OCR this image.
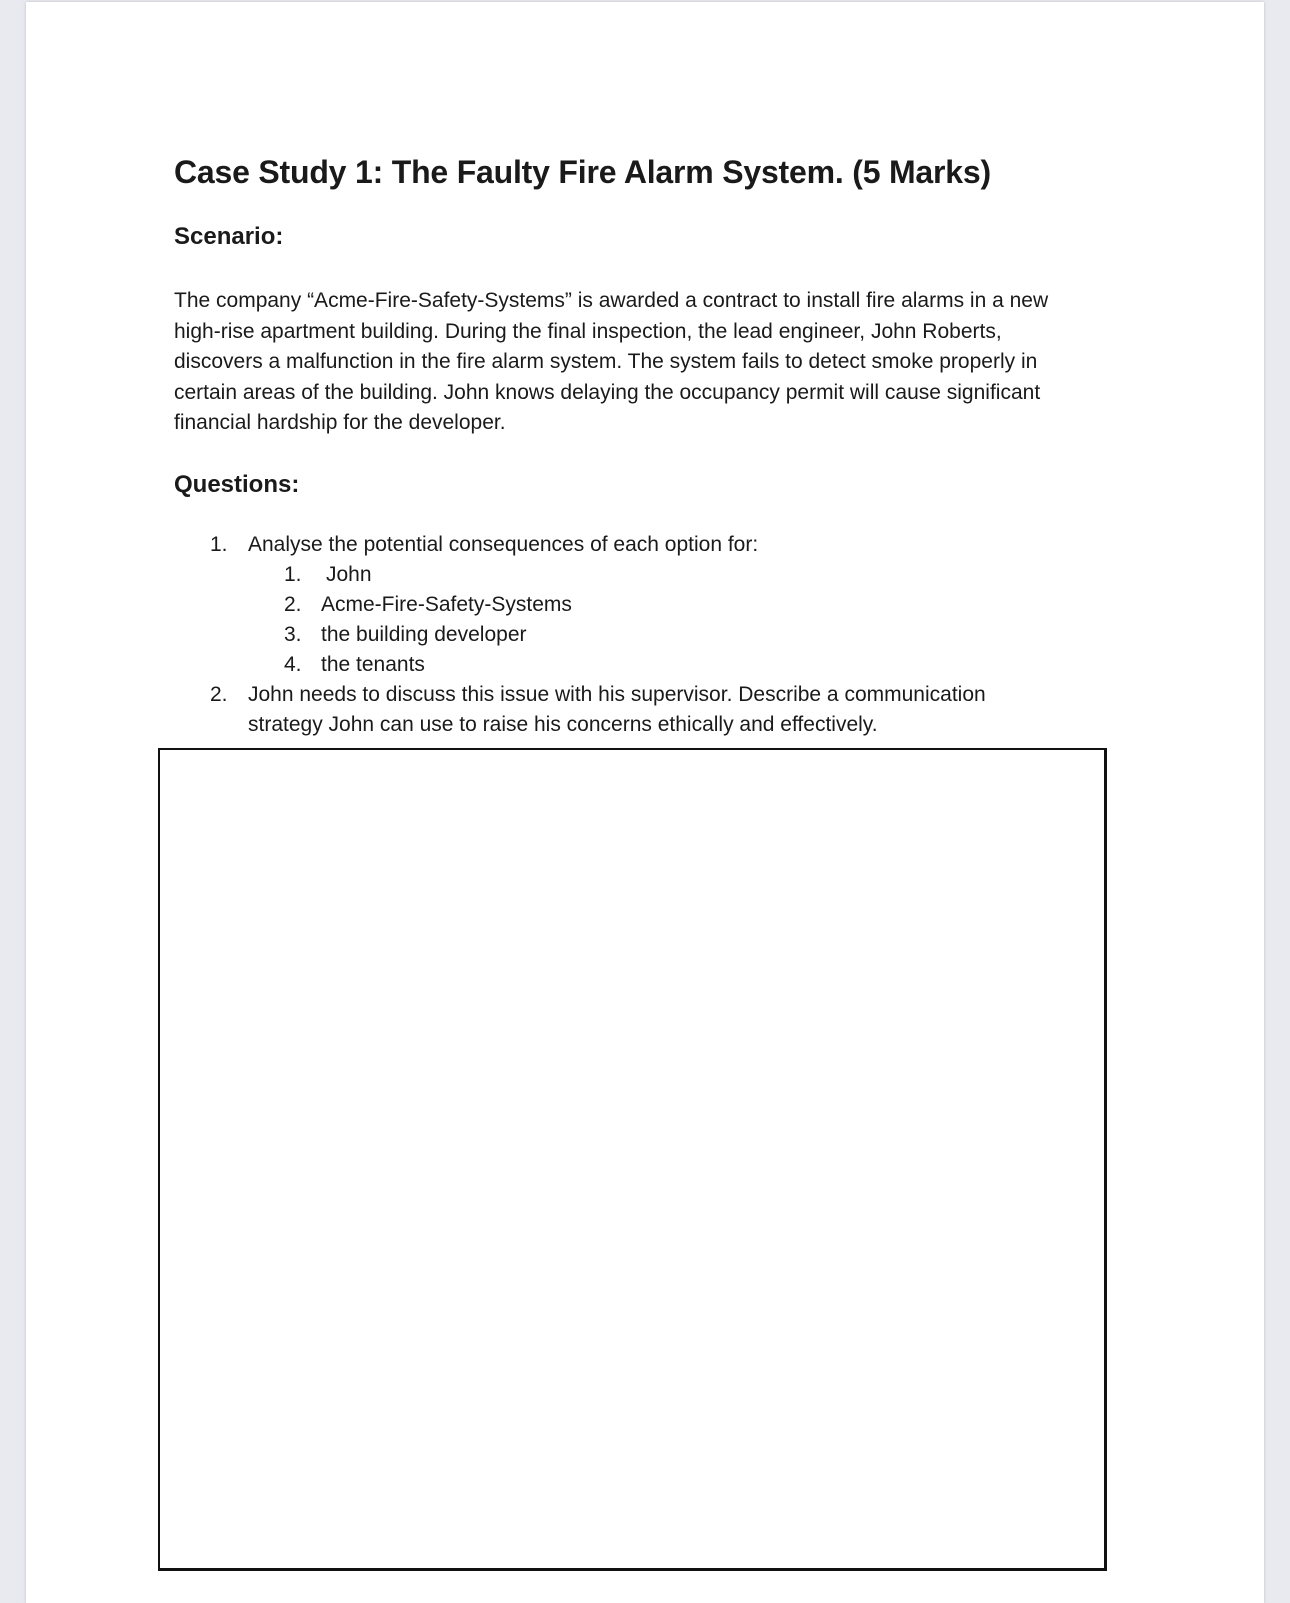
Case Study 1: The Faulty Fire Alarm System. (5 Marks)
Scenario:

The company “Acme-Fire-Safety-Systems” is awarded a contract to install fire alarms in a new high-rise apartment building. During the final inspection, the lead engineer, John Roberts, discovers a malfunction in the fire alarm system. The system fails to detect smoke properly in certain areas of the building. John knows delaying the occupancy permit will cause significant financial hardship for the developer.

Questions:
1. Analyse the potential consequences of each option for:
1. John
2. Acme-Fire-Safety-Systems
3. the building developer
4. the tenants
2. John needs to discuss this issue with his supervisor. Describe a communication strategy John can use to raise his concerns ethically and effectively.
